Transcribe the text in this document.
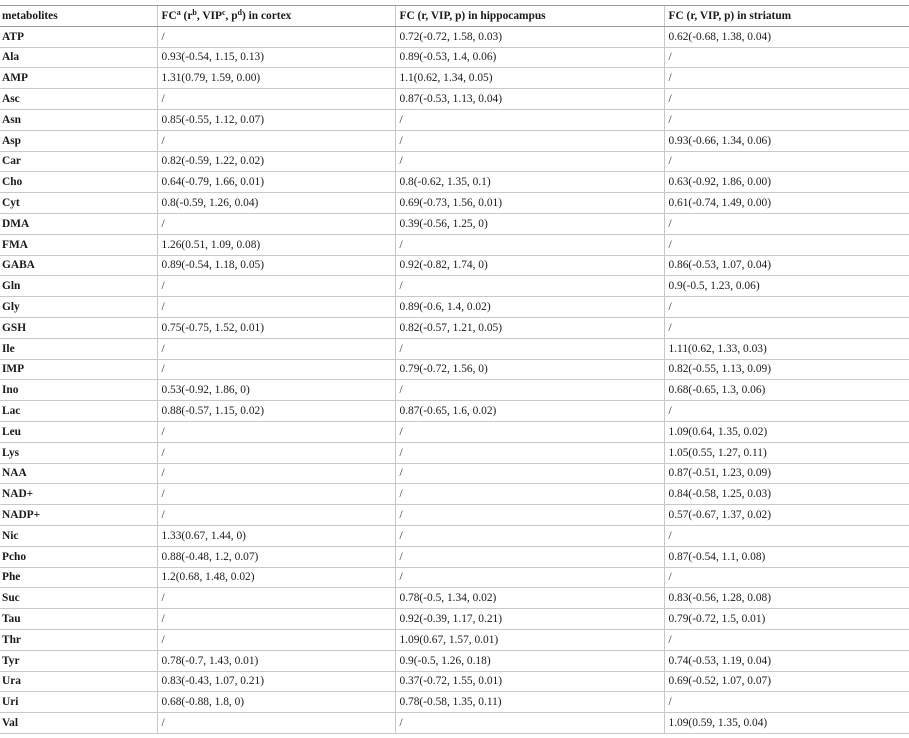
metabolites	$FC^a$ ($r^b$, VIP$^c$, $p^d$) in cortex	FC (r, VIP, p) in hippocampus	FC (r, VIP, p) in striatum
ATP	/	0.72(-0.72, 1.58, 0.03)	0.62(-0.68, 1.38, 0.04)
Ala	0.93(-0.54, 1.15, 0.13)	0.89(-0.53, 1.4, 0.06)	/
AMP	1.31(0.79, 1.59, 0.00)	1.1(0.62, 1.34, 0.05)	/
Asc	/	0.87(-0.53, 1.13, 0.04)	/
Asn	0.85(-0.55, 1.12, 0.07)	/	/
Asp	/	/	0.93(-0.66, 1.34, 0.06)
Car	0.82(-0.59, 1.22, 0.02)	/	/
Cho	0.64(-0.79, 1.66, 0.01)	0.8(-0.62, 1.35, 0.1)	0.63(-0.92, 1.86, 0.00)
Cyt	0.8(-0.59, 1.26, 0.04)	0.69(-0.73, 1.56, 0.01)	0.61(-0.74, 1.49, 0.00)
DMA	/	0.39(-0.56, 1.25, 0)	/
FMA	1.26(0.51, 1.09, 0.08)	/	/
GABA	0.89(-0.54, 1.18, 0.05)	0.92(-0.82, 1.74, 0)	0.86(-0.53, 1.07, 0.04)
Gln	/	/	0.9(-0.5, 1.23, 0.06)
Gly	/	0.89(-0.6, 1.4, 0.02)	/
GSH	0.75(-0.75, 1.52, 0.01)	0.82(-0.57, 1.21, 0.05)	/
Ile	/	/	1.11(0.62, 1.33, 0.03)
IMP	/	0.79(-0.72, 1.56, 0)	0.82(-0.55, 1.13, 0.09)
Ino	0.53(-0.92, 1.86, 0)	/	0.68(-0.65, 1.3, 0.06)
Lac	0.88(-0.57, 1.15, 0.02)	0.87(-0.65, 1.6, 0.02)	/
Leu	/	/	1.09(0.64, 1.35, 0.02)
Lys	/	/	1.05(0.55, 1.27, 0.11)
NAA	/	/	0.87(-0.51, 1.23, 0.09)
NAD+	/	/	0.84(-0.58, 1.25, 0.03)
NADP+	/	/	0.57(-0.67, 1.37, 0.02)
Nic	1.33(0.67, 1.44, 0)	/	/
Pcho	0.88(-0.48, 1.2, 0.07)	/	0.87(-0.54, 1.1, 0.08)
Phe	1.2(0.68, 1.48, 0.02)	/	/
Suc	/	0.78(-0.5, 1.34, 0.02)	0.83(-0.56, 1.28, 0.08)
Tau	/	0.92(-0.39, 1.17, 0.21)	0.79(-0.72, 1.5, 0.01)
Thr	/	1.09(0.67, 1.57, 0.01)	/
Tyr	0.78(-0.7, 1.43, 0.01)	0.9(-0.5, 1.26, 0.18)	0.74(-0.53, 1.19, 0.04)
Ura	0.83(-0.43, 1.07, 0.21)	0.37(-0.72, 1.55, 0.01)	0.69(-0.52, 1.07, 0.07)
Uri	0.68(-0.88, 1.8, 0)	0.78(-0.58, 1.35, 0.11)	/
Val	/	/	1.09(0.59, 1.35, 0.04)
